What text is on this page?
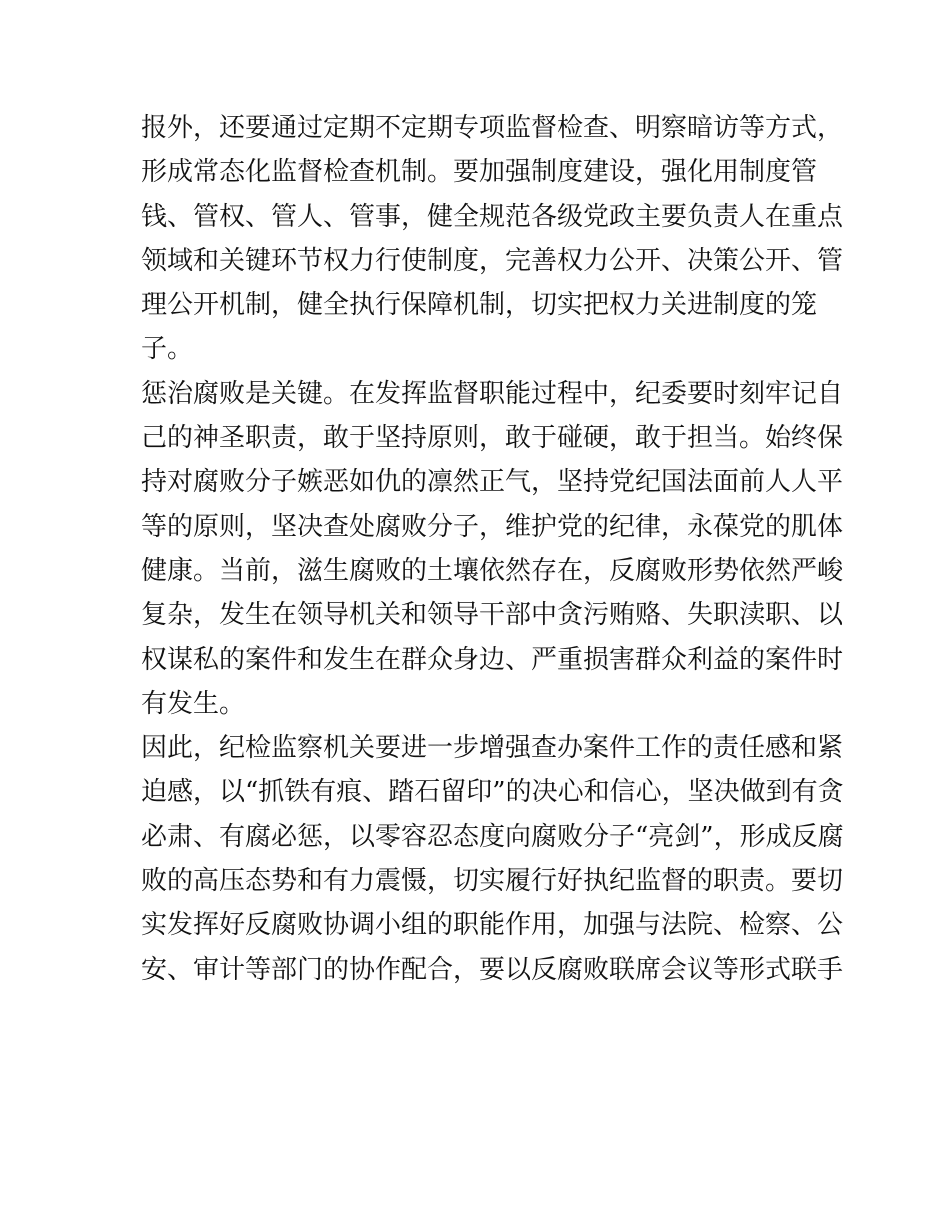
报外，还要通过定期不定期专项监督检查、明察暗访等方式，
形成常态化监督检查机制。要加强制度建设，强化用制度管
钱、管权、管人、管事，健全规范各级党政主要负责人在重点
领域和关键环节权力行使制度，完善权力公开、决策公开、管
理公开机制，健全执行保障机制，切实把权力关进制度的笼
子。
惩治腐败是关键。在发挥监督职能过程中，纪委要时刻牢记自
己的神圣职责，敢于坚持原则，敢于碰硬，敢于担当。始终保
持对腐败分子嫉恶如仇的凛然正气，坚持党纪国法面前人人平
等的原则，坚决查处腐败分子，维护党的纪律，永葆党的肌体
健康。当前，滋生腐败的土壤依然存在，反腐败形势依然严峻
复杂，发生在领导机关和领导干部中贪污贿赂、失职渎职、以
权谋私的案件和发生在群众身边、严重损害群众利益的案件时
有发生。
因此，纪检监察机关要进一步增强查办案件工作的责任感和紧
迫感，以“抓铁有痕、踏石留印”的决心和信心，坚决做到有贪
必肃、有腐必惩，以零容忍态度向腐败分子“亮剑”，形成反腐
败的高压态势和有力震慑，切实履行好执纪监督的职责。要切
实发挥好反腐败协调小组的职能作用，加强与法院、检察、公
安、审计等部门的协作配合，要以反腐败联席会议等形式联手
